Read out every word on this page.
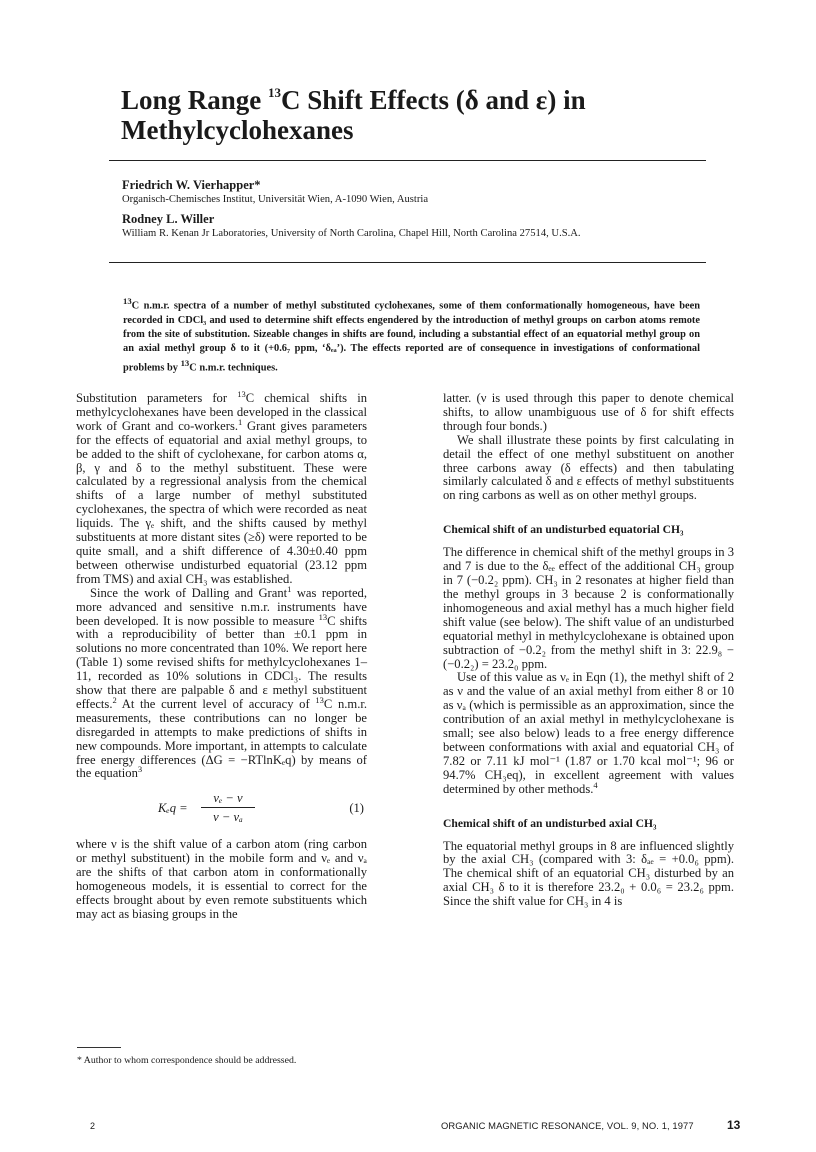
Long Range $^{13}$C Shift Effects (δ and ε) in
Methylcyclohexanes

Friedrich W. Vierhapper*

Organisch-Chemisches Institut, Universität Wien, A-1090 Wien, Austria

Rodney L. Willer

William R. Kenan Jr Laboratories, University of North Carolina, Chapel Hill, North Carolina 27514, U.S.A.

$^{13}$C n.m.r. spectra of a number of methyl substituted cyclohexanes, some of them conformationally homogeneous, have been recorded in CDCl₃ and used to determine shift effects engendered by the introduction of methyl groups on carbon atoms remote from the site of substitution. Sizeable changes in shifts are found, including a substantial effect of an equatorial methyl group on an axial methyl group δ to it (+0.6₇ ppm, ‘δₑₐ’). The effects reported are of consequence in investigations of conformational problems by $^{13}$C n.m.r. techniques.

Substitution parameters for $^{13}$C chemical shifts in methylcyclohexanes have been developed in the classical work of Grant and co-workers.$^1$ Grant gives parameters for the effects of equatorial and axial methyl groups, to be added to the shift of cyclohexane, for carbon atoms α, β, γ and δ to the methyl substituent. These were calculated by a regressional analysis from the chemical shifts of a large number of methyl substituted cyclohexanes, the spectra of which were recorded as neat liquids. The γₑ shift, and the shifts caused by methyl substituents at more distant sites (≥δ) were reported to be quite small, and a shift difference of 4.30±0.40 ppm between otherwise undisturbed equatorial (23.12 ppm from TMS) and axial CH₃ was established.

Since the work of Dalling and Grant$^1$ was reported, more advanced and sensitive n.m.r. instruments have been developed. It is now possible to measure $^{13}$C shifts with a reproducibility of better than ±0.1 ppm in solutions no more concentrated than 10%. We report here (Table 1) some revised shifts for methylcyclohexanes 1–11, recorded as 10% solutions in CDCl₃. The results show that there are palpable δ and ε methyl substituent effects.$^2$ At the current level of accuracy of $^{13}$C n.m.r. measurements, these contributions can no longer be disregarded in attempts to make predictions of shifts in new compounds. More important, in attempts to calculate free energy differences (ΔG = −RTlnKₑq) by means of the equation$^3$

Kₑq =
νₑ − ν
ν − νₐ
(1)

where ν is the shift value of a carbon atom (ring carbon or methyl substituent) in the mobile form and νₑ and νₐ are the shifts of that carbon atom in conformationally homogeneous models, it is essential to correct for the effects brought about by even remote substituents which may act as biasing groups in the

latter. (ν is used through this paper to denote chemical shifts, to allow unambiguous use of δ for shift effects through four bonds.)

We shall illustrate these points by first calculating in detail the effect of one methyl substituent on another three carbons away (δ effects) and then tabulating similarly calculated δ and ε effects of methyl substituents on ring carbons as well as on other methyl groups.

Chemical shift of an undisturbed equatorial CH₃

The difference in chemical shift of the methyl groups in 3 and 7 is due to the δₑₑ effect of the additional CH₃ group in 7 (−0.2₂ ppm). CH₃ in 2 resonates at higher field than the methyl groups in 3 because 2 is conformationally inhomogeneous and axial methyl has a much higher field shift value (see below). The shift value of an undisturbed equatorial methyl in methylcyclohexane is obtained upon subtraction of −0.2₂ from the methyl shift in 3: 22.9₈ − (−0.2₂) = 23.2₀ ppm.

Use of this value as νₑ in Eqn (1), the methyl shift of 2 as ν and the value of an axial methyl from either 8 or 10 as νₐ (which is permissible as an approximation, since the contribution of an axial methyl in methylcyclohexane is small; see also below) leads to a free energy difference between conformations with axial and equatorial CH₃ of 7.82 or 7.11 kJ mol⁻¹ (1.87 or 1.70 kcal mol⁻¹; 96 or 94.7% CH₃eq), in excellent agreement with values determined by other methods.$^4$

Chemical shift of an undisturbed axial CH₃

The equatorial methyl groups in 8 are influenced slightly by the axial CH₃ (compared with 3: δₐₑ = +0.0₆ ppm). The chemical shift of an equatorial CH₃ disturbed by an axial CH₃ δ to it is therefore 23.2₀ + 0.0₆ = 23.2₆ ppm. Since the shift value for CH₃ in 4 is

* Author to whom correspondence should be addressed.

2	ORGANIC MAGNETIC RESONANCE, VOL. 9, NO. 1, 1977	13
